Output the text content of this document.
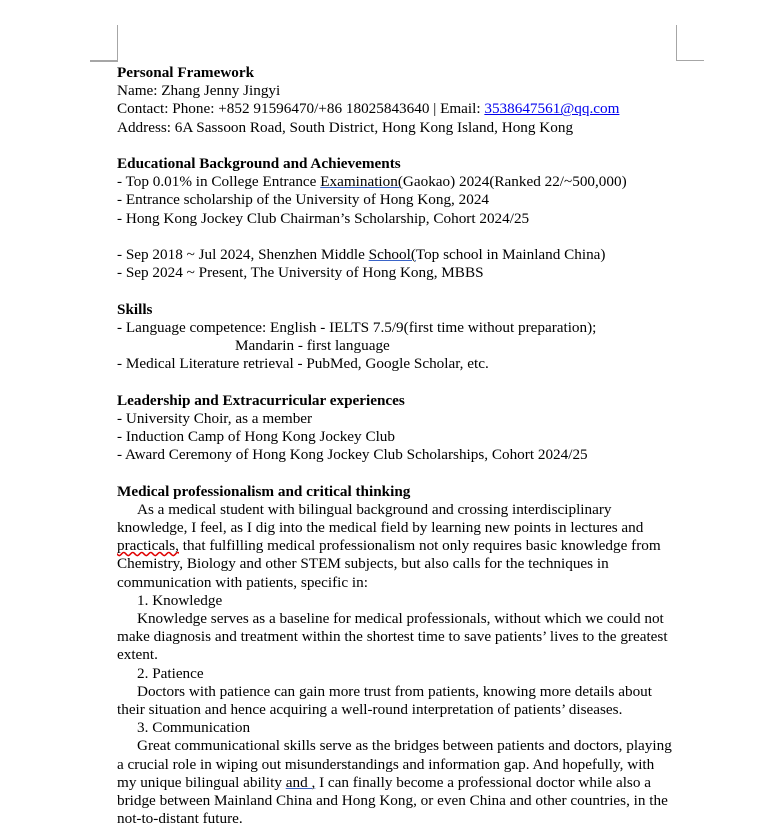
Personal Framework

Name: Zhang Jenny Jingyi

Contact: Phone: +852 91596470/+86 18025843640 | Email: 3538647561@qq.com

Address: 6A Sassoon Road, South District, Hong Kong Island, Hong Kong

Educational Background and Achievements

- Top 0.01% in College Entrance Examination(Gaokao) 2024(Ranked 22/~500,000)

- Entrance scholarship of the University of Hong Kong, 2024

- Hong Kong Jockey Club Chairman’s Scholarship, Cohort 2024/25

- Sep 2018 ~ Jul 2024, Shenzhen Middle School(Top school in Mainland China)

- Sep 2024 ~ Present, The University of Hong Kong, MBBS

Skills

- Language competence: English - IELTS 7.5/9(first time without preparation);

Mandarin - first language

- Medical Literature retrieval - PubMed, Google Scholar, etc.

Leadership and Extracurricular experiences

- University Choir, as a member

- Induction Camp of Hong Kong Jockey Club

- Award Ceremony of Hong Kong Jockey Club Scholarships, Cohort 2024/25

Medical professionalism and critical thinking

As a medical student with bilingual background and crossing interdisciplinary knowledge, I feel, as I dig into the medical field by learning new points in lectures and practicals, that fulfilling medical professionalism not only requires basic knowledge from Chemistry, Biology and other STEM subjects, but also calls for the techniques in communication with patients, specific in:

1. Knowledge

Knowledge serves as a baseline for medical professionals, without which we could not make diagnosis and treatment within the shortest time to save patients’ lives to the greatest extent.

2. Patience

Doctors with patience can gain more trust from patients, knowing more details about their situation and hence acquiring a well-round interpretation of patients’ diseases.

3. Communication

Great communicational skills serve as the bridges between patients and doctors, playing a crucial role in wiping out misunderstandings and information gap. And hopefully, with my unique bilingual ability and , I can finally become a professional doctor while also a bridge between Mainland China and Hong Kong, or even China and other countries, in the not-to-distant future.
